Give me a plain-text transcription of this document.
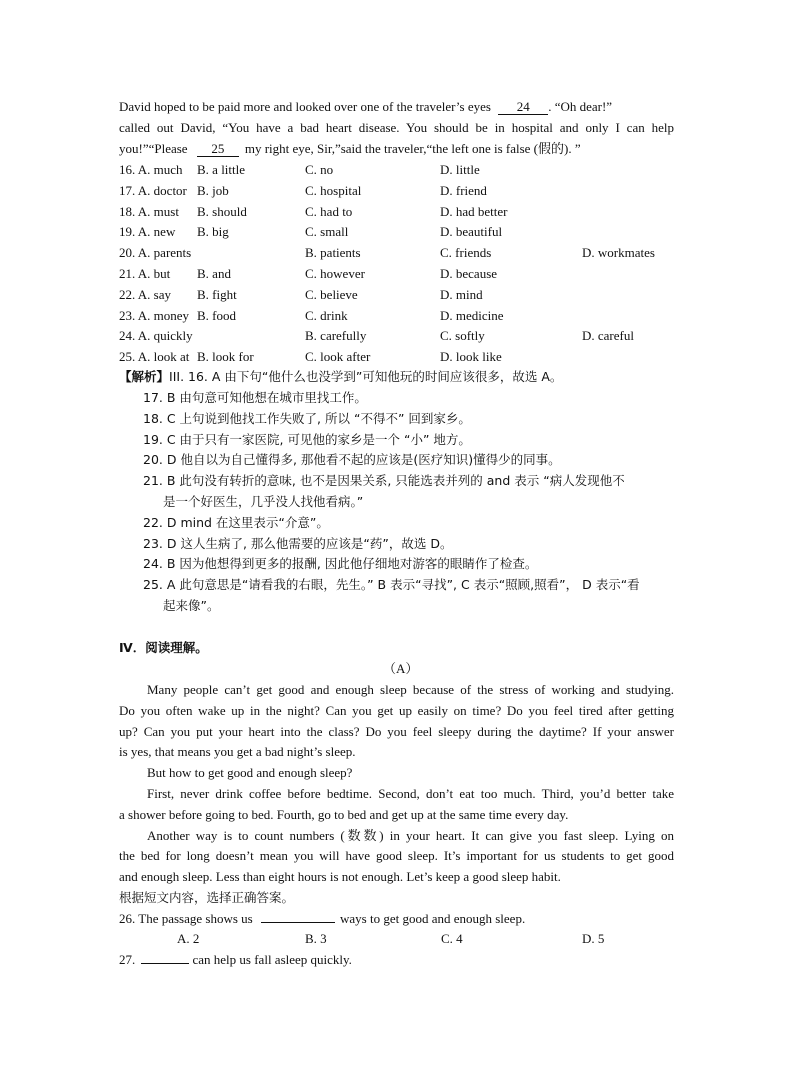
David hoped to be paid more and looked over one of the traveler’s eyes 24 . “Oh dear!”
called out David, “You have a bad heart disease. You should be in hospital and only I can help
you!”“Please 25 my right eye, Sir,”said the traveler,“the left one is false (假的). ”
16. A. much B. a little	C. no	D. little
17. A. doctor B. job	C. hospital	D. friend
18. A. must B. should	C. had to	D. had better
19. A. new B. big	C. small	D. beautiful
20. A. parents	B. patients	C. friends	D. workmates
21. A. but B. and	C. however	D. because
22. A. say B. fight	C. believe	D. mind
23. A. money B. food	C. drink	D. medicine
24. A. quickly	B. carefully	C. softly	D. careful
25. A. look at B. look for	C. look after	D. look like
【解析】III. 16. A 由下句“他什么也没学到”可知他玩的时间应该很多，故选 A。
17. B 由句意可知他想在城市里找工作。
18. C 上句说到他找工作失败了, 所以 “不得不” 回到家乡。
19. C 由于只有一家医院, 可见他的家乡是一个 “小” 地方。
20. D 他自以为自己懂得多, 那他看不起的应该是(医疗知识)懂得少的同事。
21. B 此句没有转折的意味, 也不是因果关系, 只能选表并列的 and 表示 “病人发现他不
是一个好医生，几乎没人找他看病。”
22. D mind 在这里表示“介意”。
23. D 这人生病了, 那么他需要的应该是“药”，故选 D。
24. B 因为他想得到更多的报酬, 因此他仔细地对游客的眼睛作了检查。
25. A 此句意思是“请看我的右眼，先生。” B 表示“寻找”, C 表示“照顾,照看”， D 表示“看
起来像”。
Ⅳ．阅读理解。
（A）
Many people can’t get good and enough sleep because of the stress of working and studying.
Do you often wake up in the night? Can you get up easily on time? Do you feel tired after getting
up? Can you put your heart into the class? Do you feel sleepy during the daytime? If your answer
is yes, that means you get a bad night’s sleep.
But how to get good and enough sleep?
First, never drink coffee before bedtime. Second, don’t eat too much. Third, you’d better take
a shower before going to bed. Fourth, go to bed and get up at the same time every day.
Another way is to count numbers (数数) in your heart. It can give you fast sleep. Lying on
the bed for long doesn’t mean you will have good sleep. It’s important for us students to get good
and enough sleep. Less than eight hours is not enough. Let’s keep a good sleep habit.
根据短文内容，选择正确答案。
26. The passage shows us	ways to get good and enough sleep.
A. 2	B. 3	C. 4	D. 5
27.	can help us fall asleep quickly.
